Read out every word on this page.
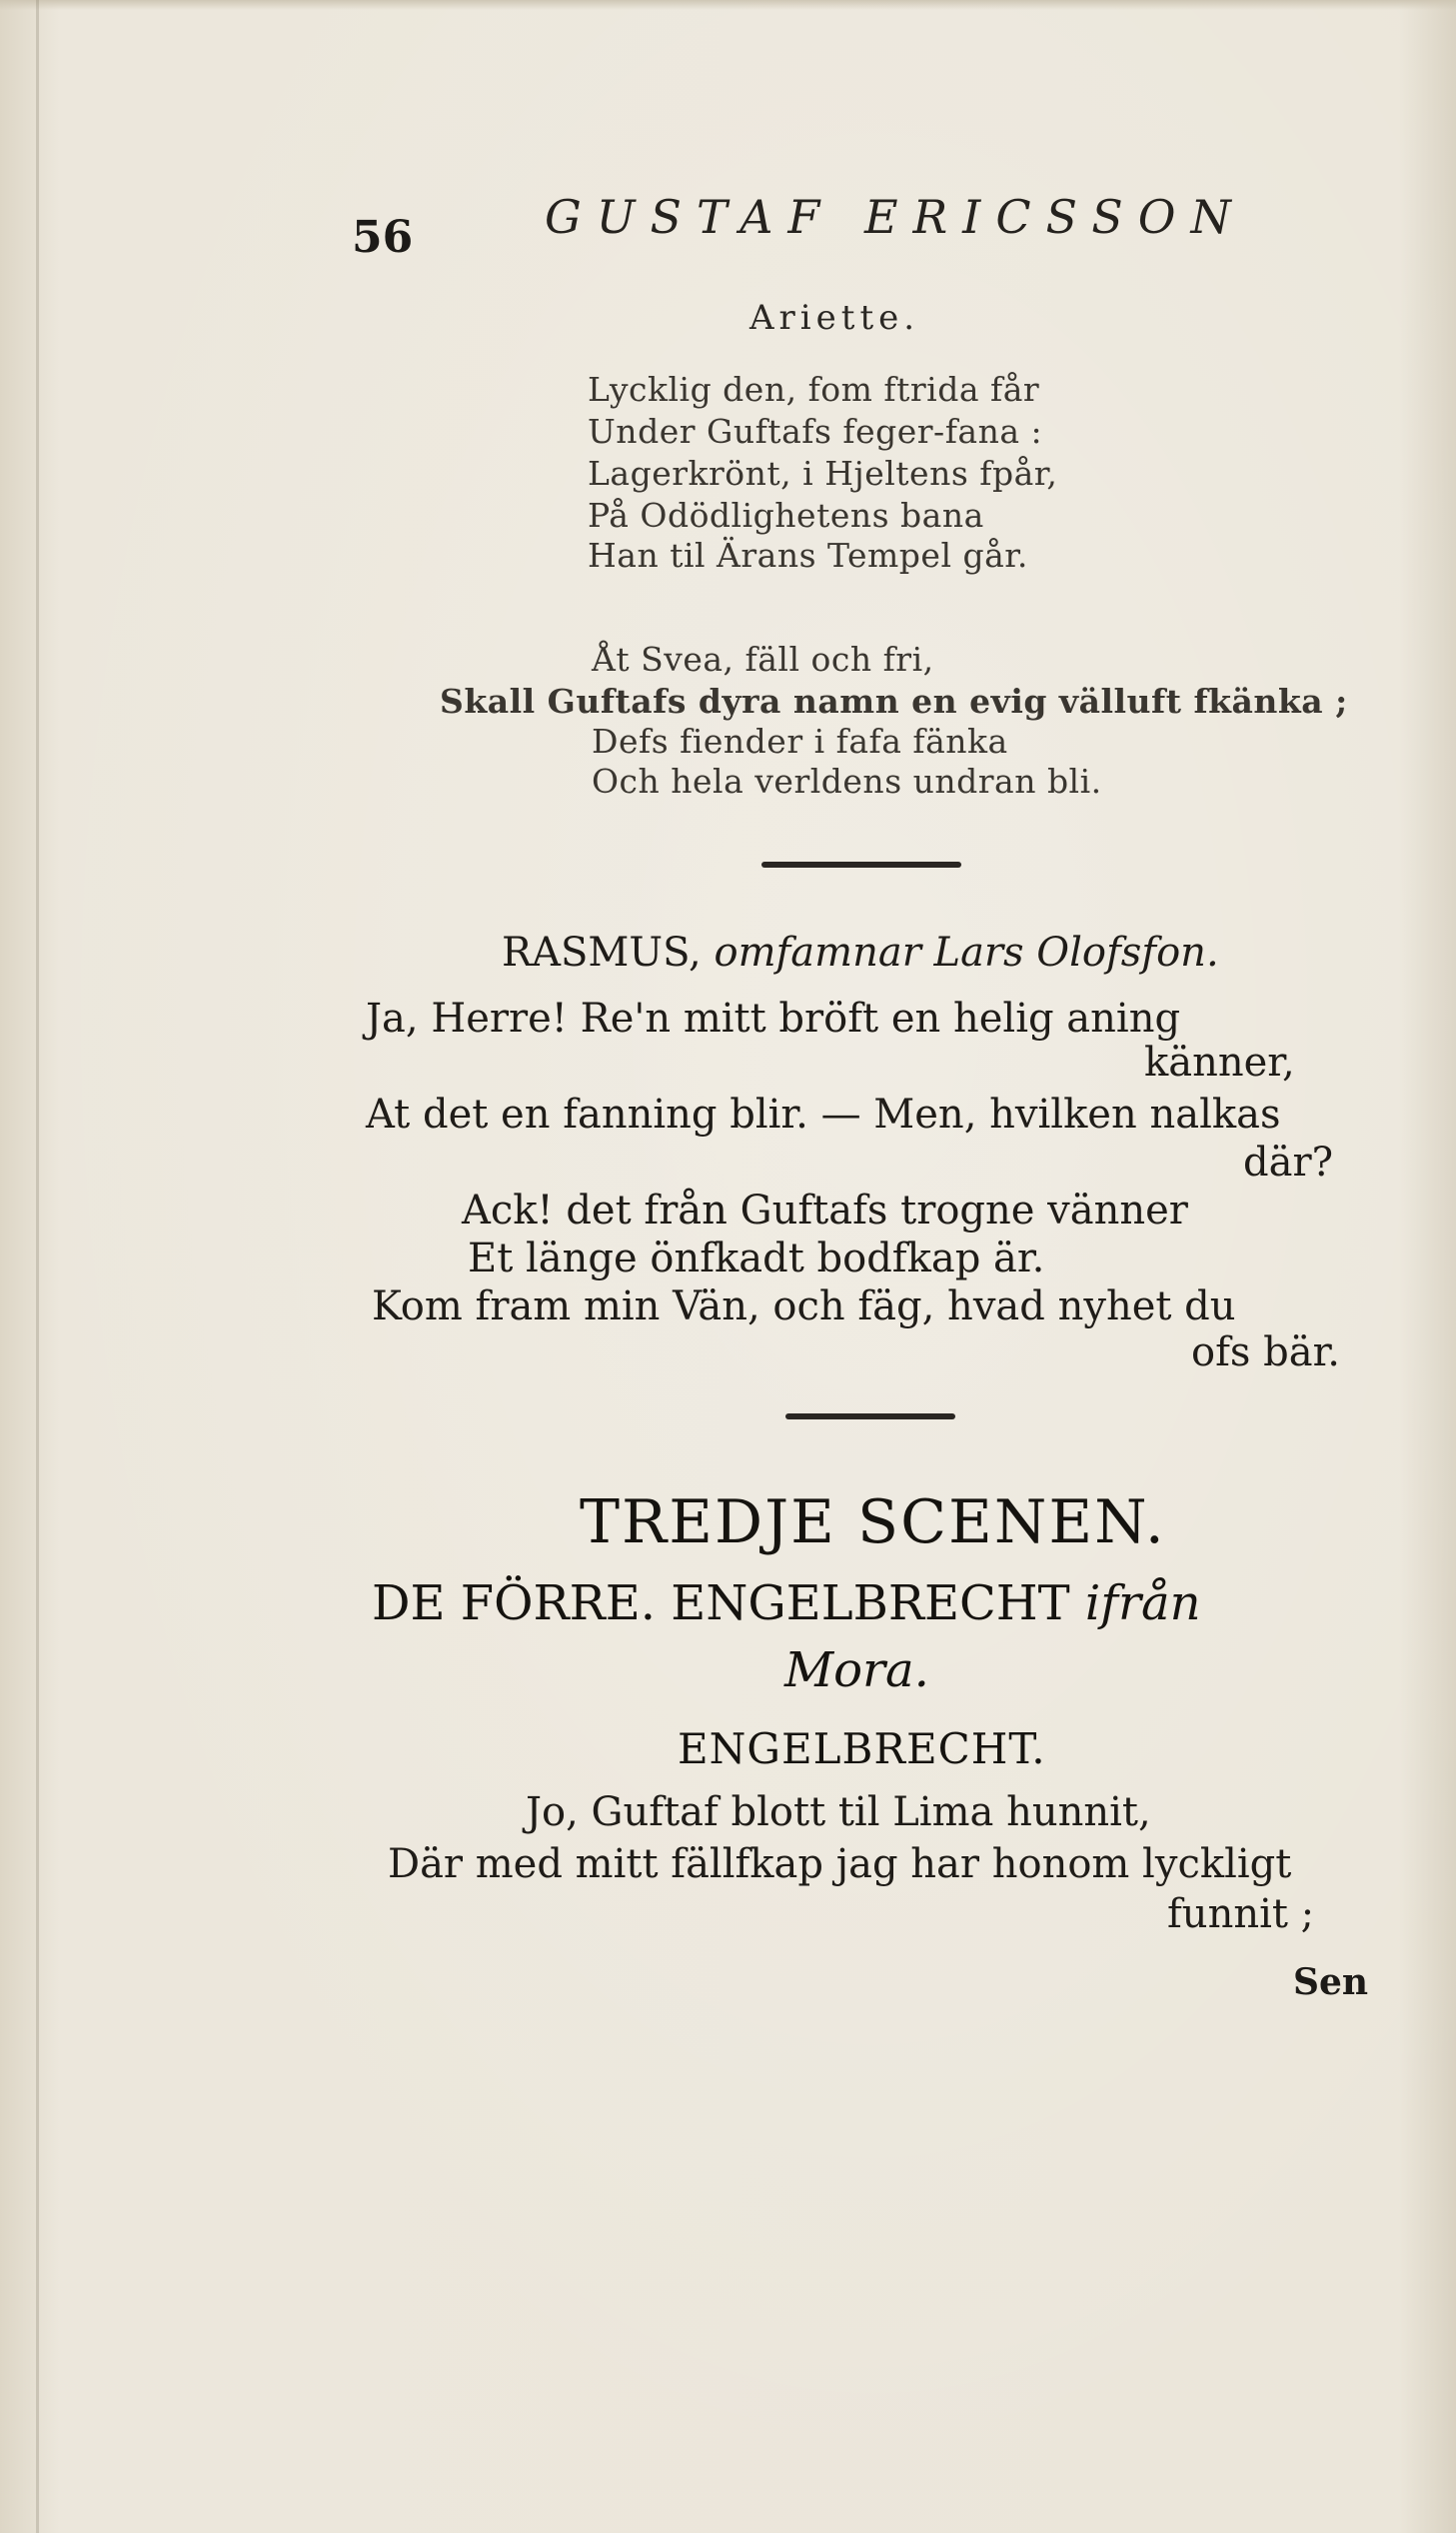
56	GUSTAF ERICSSON
Ariette.
Lycklig den, fom ftrida får
Under Guftafs feger-fana :
Lagerkrönt, i Hjeltens fpår,
På Odödlighetens bana
Han til Ärans Tempel går.
Åt Svea, fäll och fri,
Skall Guftafs dyra namn en evig välluft fkänka ;
Defs fiender i fafa fänka
Och hela verldens undran bli.
RASMUS, omfamnar Lars Olofsfon.
Ja, Herre! Re'n mitt bröft en helig aning
känner,
At det en fanning blir. — Men, hvilken nalkas
där?
Ack! det från Guftafs trogne vänner
Et länge önfkadt bodfkap är.
Kom fram min Vän, och fäg, hvad nyhet du
ofs bär.
TREDJE SCENEN.
DE FÖRRE. ENGELBRECHT ifrån
Mora.
ENGELBRECHT.
Jo, Guftaf blott til Lima hunnit,
Där med mitt fällfkap jag har honom lyckligt
funnit ;
Sen
